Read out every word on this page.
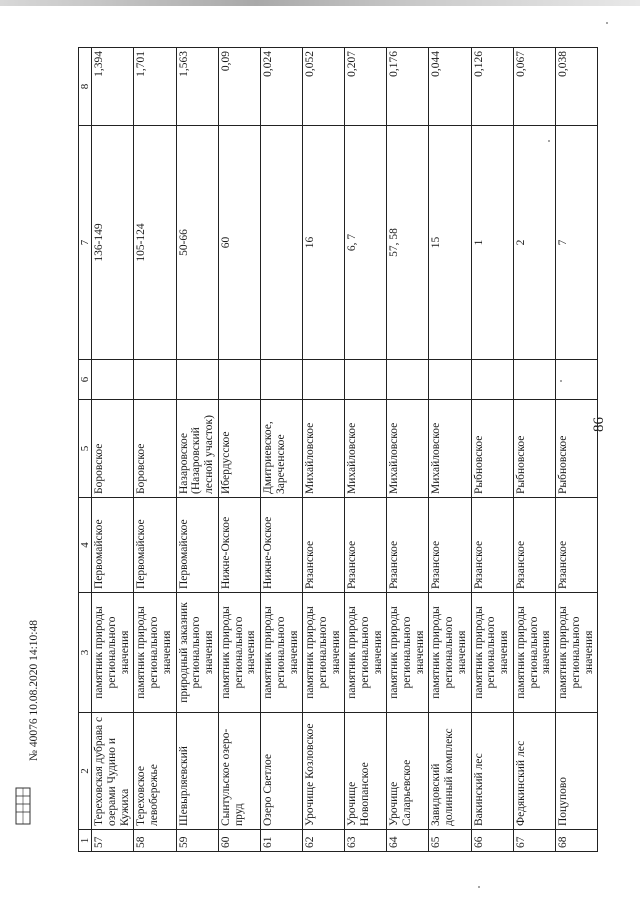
86
1	2	3	4	5	6	7	8
57	Тереховская дубрава с озерами Чудино и Кужиха	памятник природы регионального значения	Первомайское	Боровское		136-149	1,394
58	Тереховское левобережье	памятник природы регионального значения	Первомайское	Боровское		105-124	1,701
59	Шевырляевский	природный заказник регионального значения	Первомайское	Назаровское (Назаровский лесной участок)		50-66	1,563
60	Сынтульское озеро-пруд	памятник природы регионального значения	Нижне-Окское	Ибердусское		60	0,09
61	Озеро Светлое	памятник природы регионального значения	Нижне-Окское	Дмитриевское, Зареченское			0,024
62	Урочище Козловское	памятник природы регионального значения	Рязанское	Михайловское		16	0,052
63	Урочище Новопанское	памятник природы регионального значения	Рязанское	Михайловское		6, 7	0,207
64	Урочище Саларьевское	памятник природы регионального значения	Рязанское	Михайловское		57, 58	0,176
65	Завидовский долинный комплекс	памятник природы регионального значения	Рязанское	Михайловское		15	0,044
66	Вакинский лес	памятник природы регионального значения	Рязанское	Рыбновское		1	0,126
67	Федякинский лес	памятник природы регионального значения	Рязанское	Рыбновское		2	0,067
68	Поцупово	памятник природы регионального значения	Рязанское	Рыбновское		7	0,038
№ 40076 10.08.2020 14:10:48
